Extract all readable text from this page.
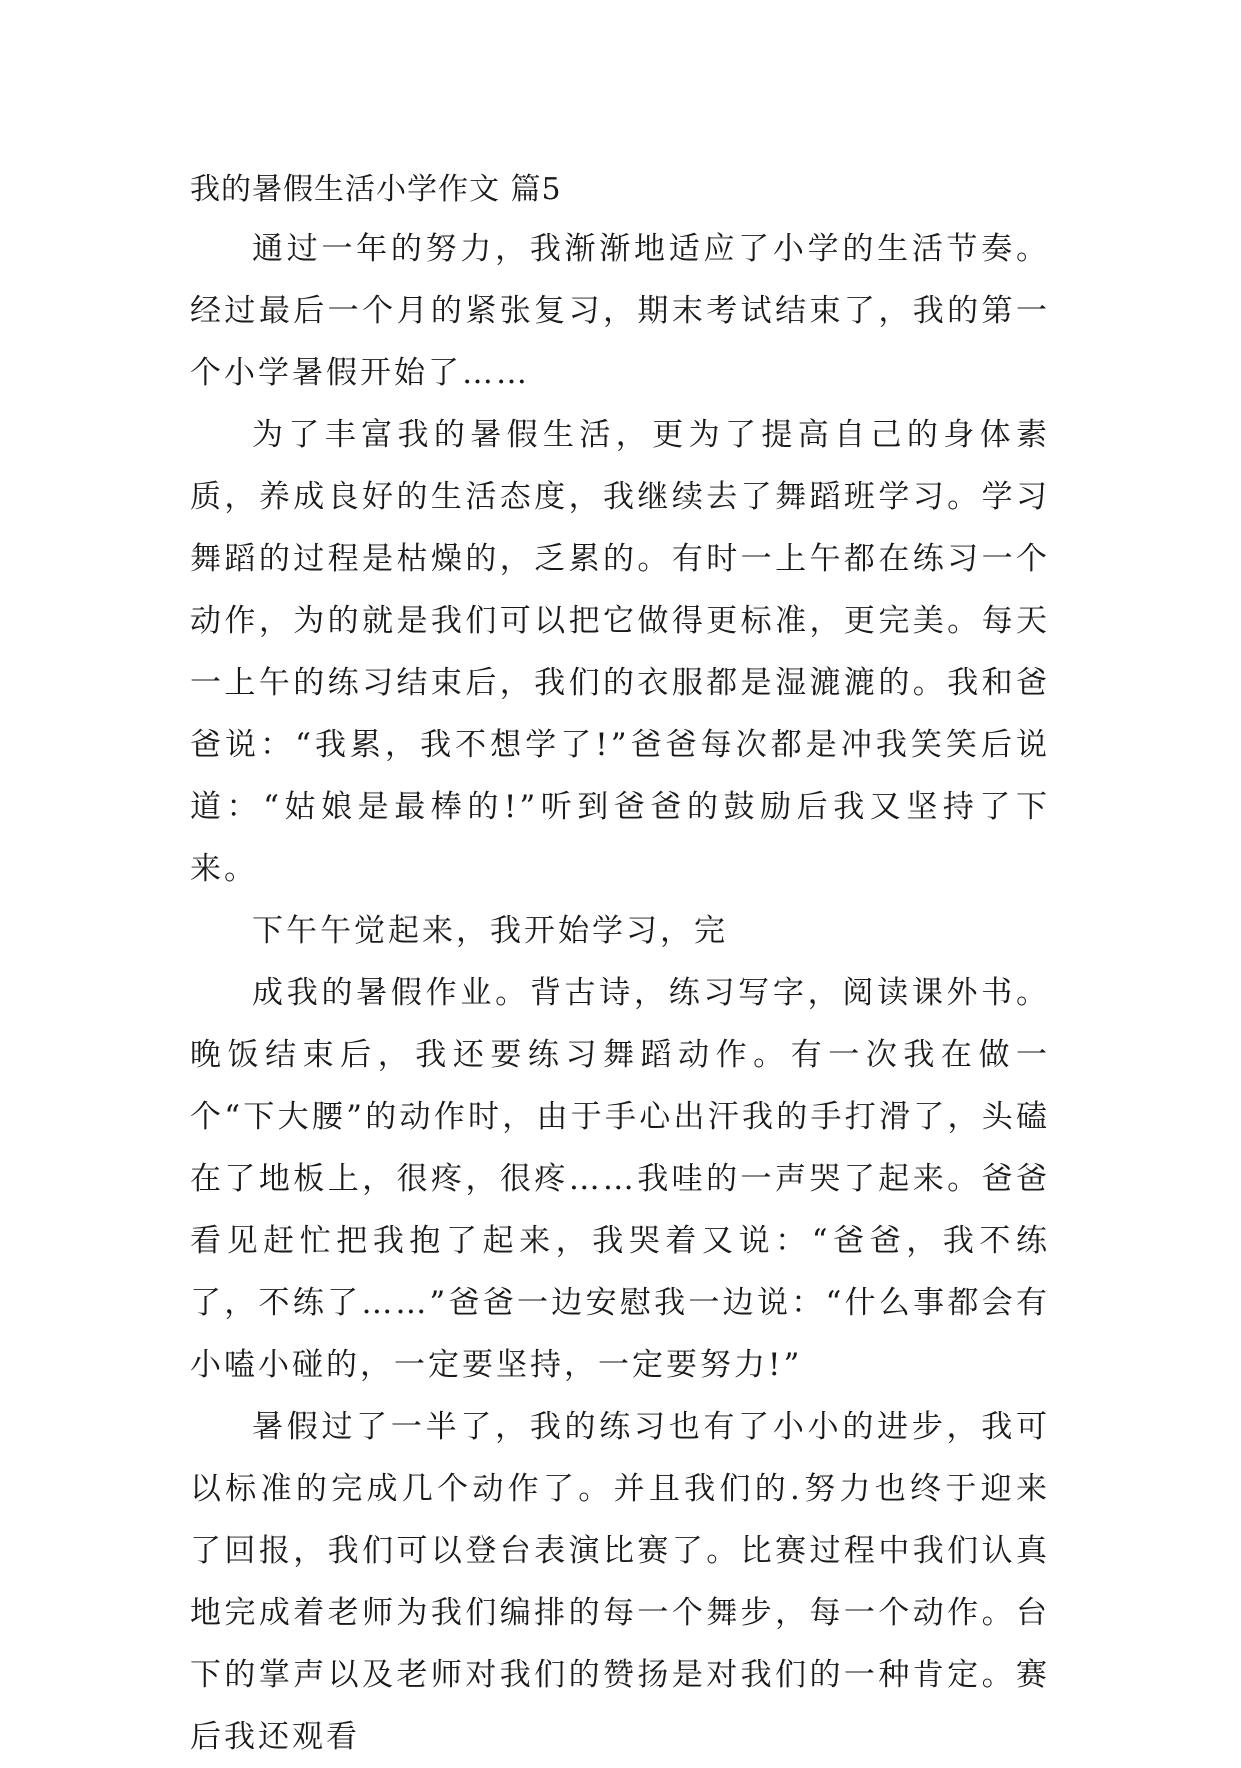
我的暑假生活小学作文 篇5

通过一年的努力，我渐渐地适应了小学的生活节奏。经过最后一个月的紧张复习，期末考试结束了，我的第一个小学暑假开始了……

为了丰富我的暑假生活，更为了提高自己的身体素质，养成良好的生活态度，我继续去了舞蹈班学习。学习舞蹈的过程是枯燥的，乏累的。有时一上午都在练习一个动作，为的就是我们可以把它做得更标准，更完美。每天一上午的练习结束后，我们的衣服都是湿漉漉的。我和爸爸说：“我累，我不想学了!”爸爸每次都是冲我笑笑后说道：“姑娘是最棒的!”听到爸爸的鼓励后我又坚持了下来。

下午午觉起来，我开始学习，完

成我的暑假作业。背古诗，练习写字，阅读课外书。晚饭结束后，我还要练习舞蹈动作。有一次我在做一个“下大腰”的动作时，由于手心出汗我的手打滑了，头磕在了地板上，很疼，很疼……我哇的一声哭了起来。爸爸看见赶忙把我抱了起来，我哭着又说：“爸爸，我不练了，不练了……”爸爸一边安慰我一边说：“什么事都会有小嗑小碰的，一定要坚持，一定要努力!”

暑假过了一半了，我的练习也有了小小的进步，我可以标准的完成几个动作了。并且我们的.努力也终于迎来了回报，我们可以登台表演比赛了。比赛过程中我们认真地完成着老师为我们编排的每一个舞步，每一个动作。台下的掌声以及老师对我们的赞扬是对我们的一种肯定。赛后我还观看
